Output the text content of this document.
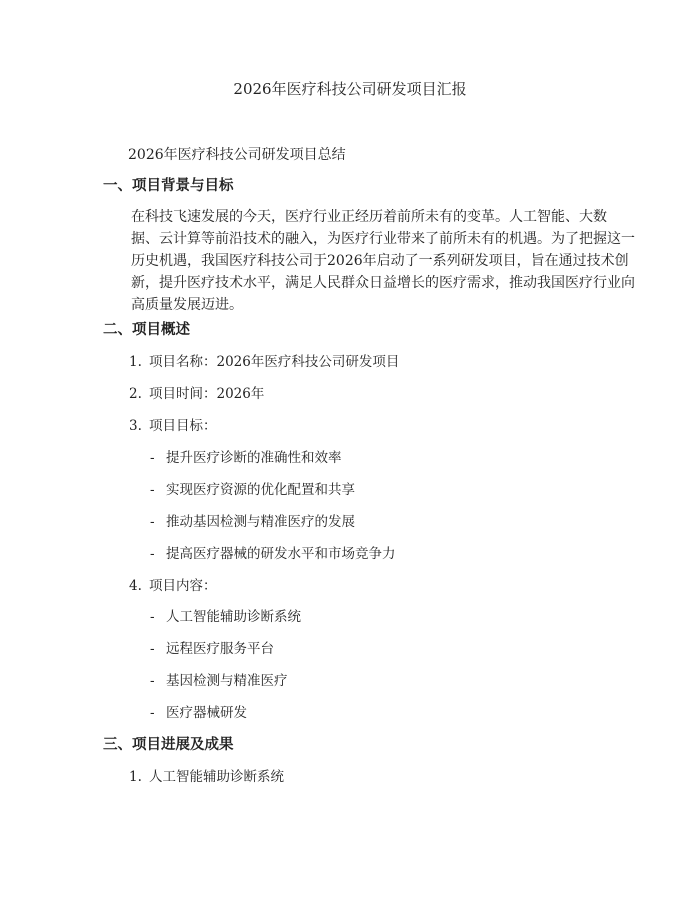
2026年医疗科技公司研发项目汇报
2026年医疗科技公司研发项目总结
一、项目背景与目标

在科技飞速发展的今天，医疗行业正经历着前所未有的变革。人工智能、大数
据、云计算等前沿技术的融入，为医疗行业带来了前所未有的机遇。为了把握这一
历史机遇，我国医疗科技公司于2026年启动了一系列研发项目，旨在通过技术创
新，提升医疗技术水平，满足人民群众日益增长的医疗需求，推动我国医疗行业向
高质量发展迈进。

二、项目概述
1. 项目名称：2026年医疗科技公司研发项目
2. 项目时间：2026年
3. 项目目标：
- 提升医疗诊断的准确性和效率
- 实现医疗资源的优化配置和共享
- 推动基因检测与精准医疗的发展
- 提高医疗器械的研发水平和市场竞争力
4. 项目内容：
- 人工智能辅助诊断系统
- 远程医疗服务平台
- 基因检测与精准医疗
- 医疗器械研发
三、项目进展及成果
1. 人工智能辅助诊断系统
